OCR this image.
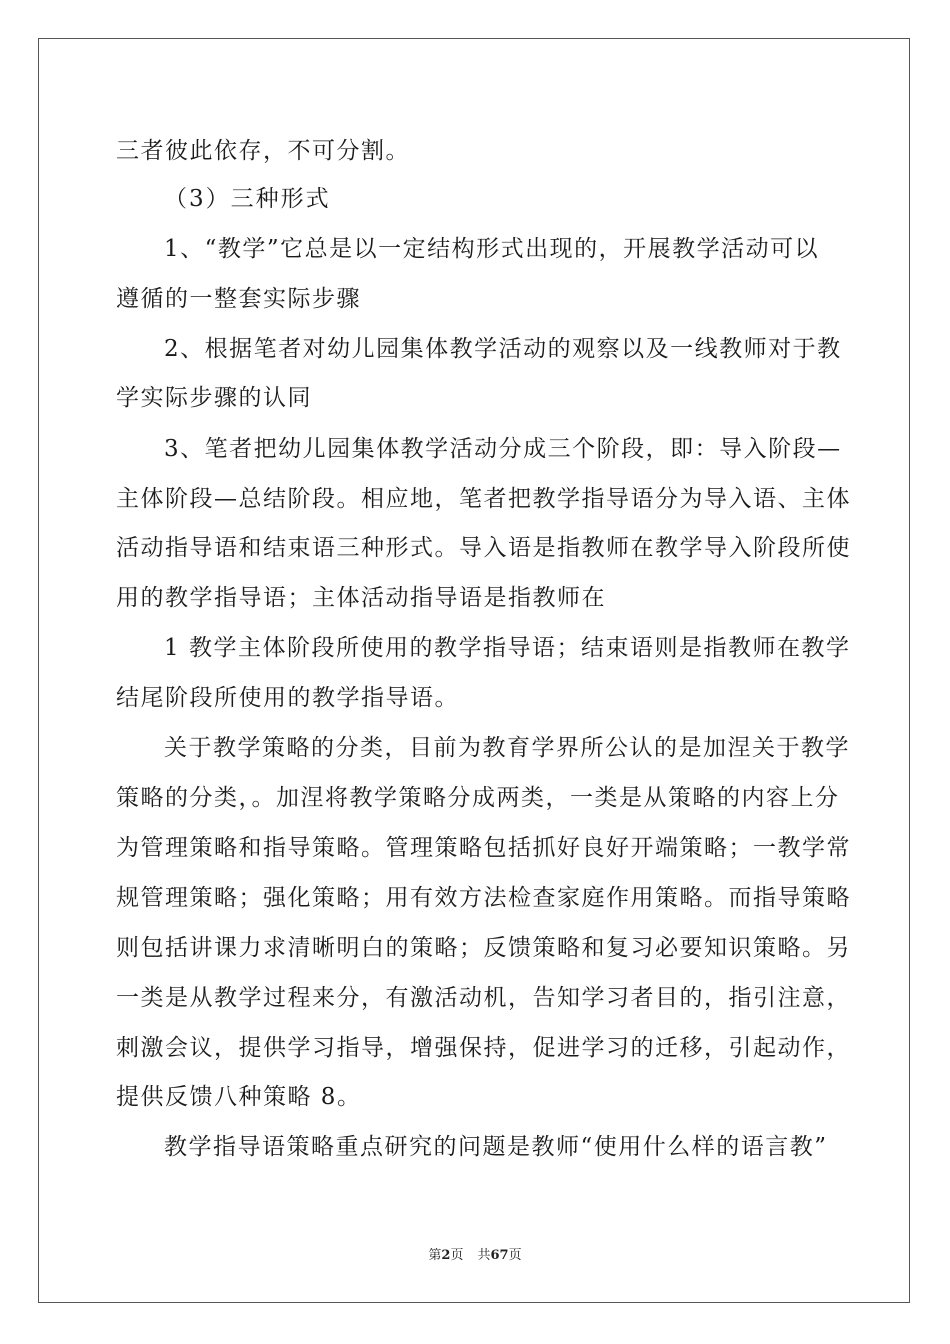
三者彼此依存，不可分割。
（3）三种形式
1、“教学”它总是以一定结构形式出现的，开展教学活动可以
遵循的一整套实际步骤
2、根据笔者对幼儿园集体教学活动的观察以及一线教师对于教
学实际步骤的认同
3、笔者把幼儿园集体教学活动分成三个阶段，即：导入阶段—
主体阶段—总结阶段。相应地，笔者把教学指导语分为导入语、主体
活动指导语和结束语三种形式。导入语是指教师在教学导入阶段所使
用的教学指导语；主体活动指导语是指教师在
1 教学主体阶段所使用的教学指导语；结束语则是指教师在教学
结尾阶段所使用的教学指导语。
关于教学策略的分类，目前为教育学界所公认的是加涅关于教学
策略的分类，。加涅将教学策略分成两类，一类是从策略的内容上分
为管理策略和指导策略。管理策略包括抓好良好开端策略；一教学常
规管理策略；强化策略；用有效方法检查家庭作用策略。而指导策略
则包括讲课力求清晰明白的策略；反馈策略和复习必要知识策略。另
一类是从教学过程来分，有激活动机，告知学习者目的，指引注意，
刺激会议，提供学习指导，增强保持，促进学习的迁移，引起动作，
提供反馈八种策略 8。
教学指导语策略重点研究的问题是教师“使用什么样的语言教”
第2页 共67页
